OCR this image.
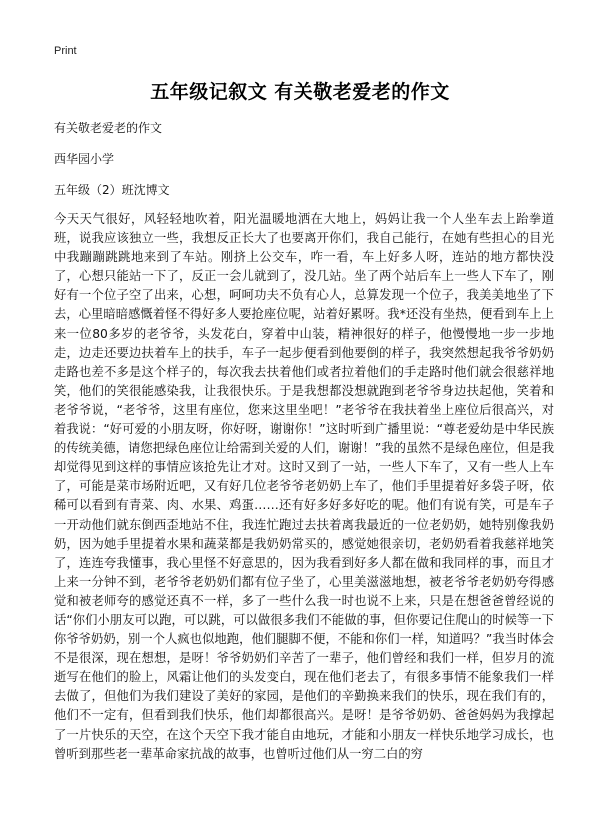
Print
五年级记叙文 有关敬老爱老的作文
有关敬老爱老的作文
西华园小学
五年级（2）班沈博文
今天天气很好，风轻轻地吹着，阳光温暖地洒在大地上，妈妈让我一个人坐车去上跆拳道班，说我应该独立一些，我想反正长大了也要离开你们，我自己能行，在她有些担心的目光中我蹦蹦跳跳地来到了车站。刚挤上公交车，咋一看，车上好多人呀，连站的地方都快没了，心想只能站一下了，反正一会儿就到了，没几站。坐了两个站后车上一些人下车了，刚好有一个位子空了出来，心想，呵呵功夫不负有心人，总算发现一个位子，我美美地坐了下去，心里暗暗感慨着怪不得好多人要抢座位呢，站着好累呀。我*还没有坐热，便看到车上上来一位80多岁的老爷爷，头发花白，穿着中山装，精神很好的样子，他慢慢地一步一步地走，边走还要边扶着车上的扶手，车子一起步便看到他要倒的样子，我突然想起我爷爷奶奶走路也差不多是这个样子的，每次我去扶着他们或者拉着他们的手走路时他们就会很慈祥地笑，他们的笑很能感染我，让我很快乐。于是我想都没想就跑到老爷爷身边扶起他，笑着和老爷爷说，“老爷爷，这里有座位，您来这里坐吧！”老爷爷在我扶着坐上座位后很高兴，对着我说：“好可爱的小朋友呀，你好呀，谢谢你！”这时听到广播里说：“尊老爱幼是中华民族的传统美德，请您把绿色座位让给需到关爱的人们，谢谢！”我的虽然不是绿色座位，但是我却觉得见到这样的事情应该抢先让才对。这时又到了一站，一些人下车了，又有一些人上车了，可能是菜市场附近吧，又有好几位老爷爷老奶奶上车了，他们手里提着好多袋子呀，依稀可以看到有青菜、肉、水果、鸡蛋……还有好多好多好吃的呢。他们有说有笑，可是车子一开动他们就东倒西歪地站不住，我连忙跑过去扶着离我最近的一位老奶奶，她特别像我奶奶，因为她手里提着水果和蔬菜都是我奶奶常买的，感觉她很亲切，老奶奶看着我慈祥地笑了，连连夸我懂事，我心里怪不好意思的，因为我看到好多人都在做和我同样的事，而且才上来一分钟不到，老爷爷老奶奶们都有位子坐了，心里美滋滋地想，被老爷爷老奶奶夸得感觉和被老师夸的感觉还真不一样，多了一些什么我一时也说不上来，只是在想爸爸曾经说的话“你们小朋友可以跑，可以跳，可以做很多我们不能做的事，但你要记住爬山的时候等一下你爷爷奶奶，别一个人疯也似地跑，他们腿脚不便，不能和你们一样，知道吗？”我当时体会不是很深，现在想想，是呀！爷爷奶奶们辛苦了一辈子，他们曾经和我们一样，但岁月的流逝写在他们的脸上，风霜让他们的头发变白，现在他们老去了，有很多事情不能象我们一样去做了，但他们为我们建设了美好的家园，是他们的辛勤换来我们的快乐，现在我们有的，他们不一定有，但看到我们快乐，他们却都很高兴。是呀！是爷爷奶奶、爸爸妈妈为我撑起了一片快乐的天空，在这个天空下我才能自由地玩，才能和小朋友一样快乐地学习成长，也曾听到那些老一辈革命家抗战的故事，也曾听过他们从一穷二白的穷
